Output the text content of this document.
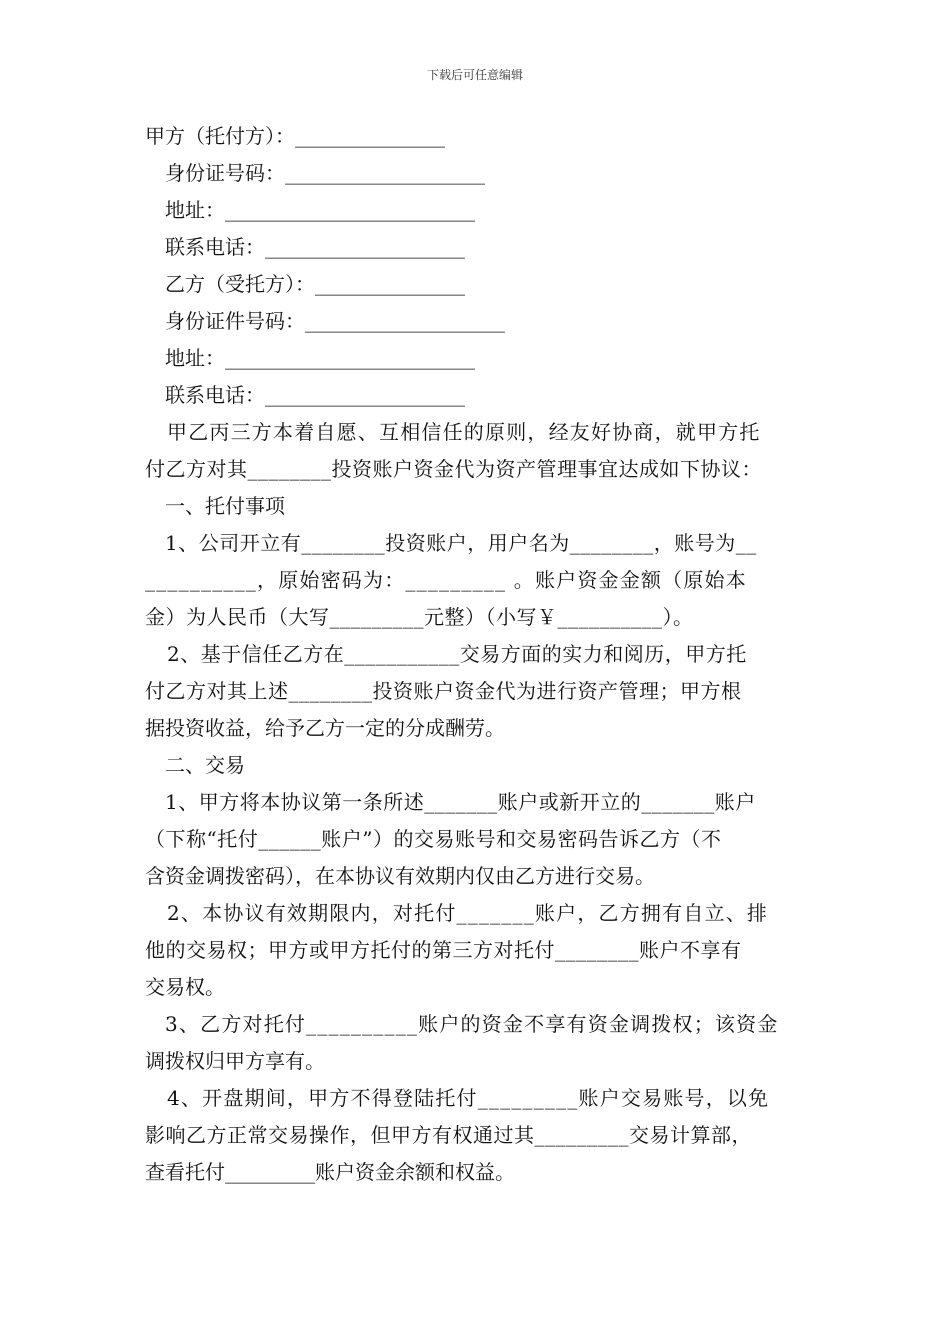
下载后可任意编辑

甲方（托付方）：_______________

身份证号码：____________________

地址：_________________________

联系电话：____________________

乙方（受托方）：_______________

身份证件号码：____________________

地址：_________________________

联系电话：____________________

甲乙丙三方本着自愿、互相信任的原则，经友好协商，就甲方托

付乙方对其________投资账户资金代为资产管理事宜达成如下协议：

一、托付事项

1、公司开立有________投资账户，用户名为________，账号为__

__________，原始密码为：_________ 。账户资金金额（原始本

金）为人民币（大写_________元整）（小写￥__________）。

2、基于信任乙方在___________交易方面的实力和阅历，甲方托

付乙方对其上述________投资账户资金代为进行资产管理；甲方根

据投资收益，给予乙方一定的分成酬劳。

二、交易

1、甲方将本协议第一条所述_______账户或新开立的_______账户

（下称“托付______账户”）的交易账号和交易密码告诉乙方（不

含资金调拨密码），在本协议有效期内仅由乙方进行交易。

2、本协议有效期限内，对托付_______账户，乙方拥有自立、排

他的交易权；甲方或甲方托付的第三方对托付________账户不享有

交易权。

3、乙方对托付__________账户的资金不享有资金调拨权；该资金

调拨权归甲方享有。

4、开盘期间，甲方不得登陆托付_________账户交易账号，以免

影响乙方正常交易操作，但甲方有权通过其_________交易计算部，

查看托付_________账户资金余额和权益。
